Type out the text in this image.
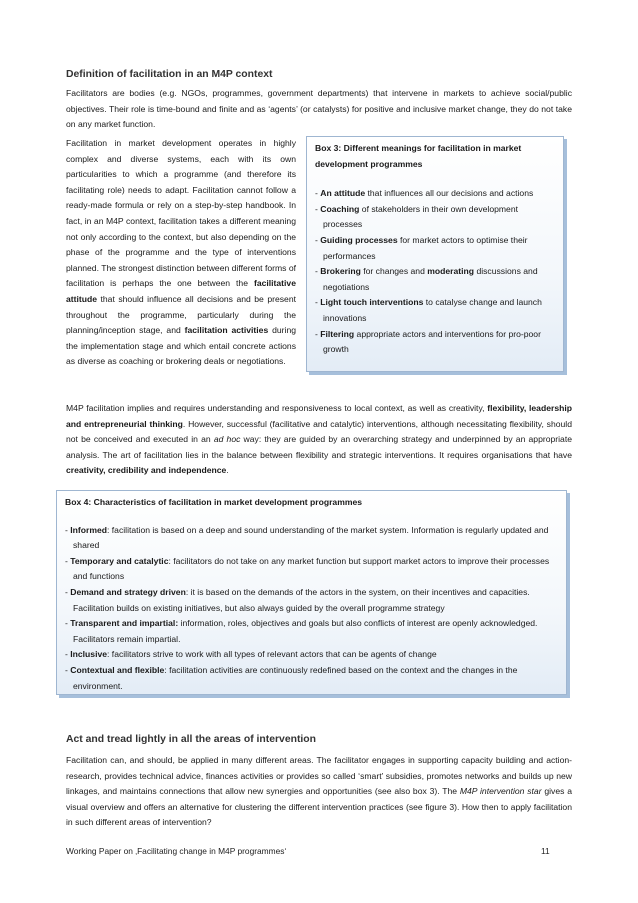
Definition of facilitation in an M4P context
Facilitators are bodies (e.g. NGOs, programmes, government departments) that intervene in markets to achieve social/public objectives. Their role is time-bound and finite and as ‘agents’ (or catalysts) for positive and inclusive market change, they do not take on any market function.
Facilitation in market development operates in highly complex and diverse systems, each with its own particularities to which a programme (and therefore its facilitating role) needs to adapt. Facilitation cannot follow a ready-made formula or rely on a step-by-step handbook. In fact, in an M4P context, facilitation takes a different meaning not only according to the context, but also depending on the phase of the programme and the type of interventions planned. The strongest distinction between different forms of facilitation is perhaps the one between the facilitative attitude that should influence all decisions and be present throughout the programme, particularly during the planning/inception stage, and facilitation activities during the implementation stage and which entail concrete actions as diverse as coaching or brokering deals or negotiations.
Box 3: Different meanings for facilitation in market development programmes
- An attitude that influences all our decisions and actions
- Coaching of stakeholders in their own development processes
- Guiding processes for market actors to optimise their performances
- Brokering for changes and moderating discussions and negotiations
- Light touch interventions to catalyse change and launch innovations
- Filtering appropriate actors and interventions for pro-poor growth
M4P facilitation implies and requires understanding and responsiveness to local context, as well as creativity, flexibility, leadership and entrepreneurial thinking. However, successful (facilitative and catalytic) interventions, although necessitating flexibility, should not be conceived and executed in an ad hoc way: they are guided by an overarching strategy and underpinned by an appropriate analysis. The art of facilitation lies in the balance between flexibility and strategic interventions. It requires organisations that have creativity, credibility and independence.
Box 4: Characteristics of facilitation in market development programmes
- Informed: facilitation is based on a deep and sound understanding of the market system. Information is regularly updated and shared
- Temporary and catalytic: facilitators do not take on any market function but support market actors to improve their processes and functions
- Demand and strategy driven: it is based on the demands of the actors in the system, on their incentives and capacities. Facilitation builds on existing initiatives, but also always guided by the overall programme strategy
- Transparent and impartial: information, roles, objectives and goals but also conflicts of interest are openly acknowledged. Facilitators remain impartial.
- Inclusive: facilitators strive to work with all types of relevant actors that can be agents of change
- Contextual and flexible: facilitation activities are continuously redefined based on the context and the changes in the environment.
Act and tread lightly in all the areas of intervention
Facilitation can, and should, be applied in many different areas. The facilitator engages in supporting capacity building and action-research, provides technical advice, finances activities or provides so called ‘smart’ subsidies, promotes networks and builds up new linkages, and maintains connections that allow new synergies and opportunities (see also box 3). The M4P intervention star gives a visual overview and offers an alternative for clustering the different intervention practices (see figure 3). How then to apply facilitation in such different areas of intervention?
Working Paper on ‚Facilitating change in M4P programmes‘	11
